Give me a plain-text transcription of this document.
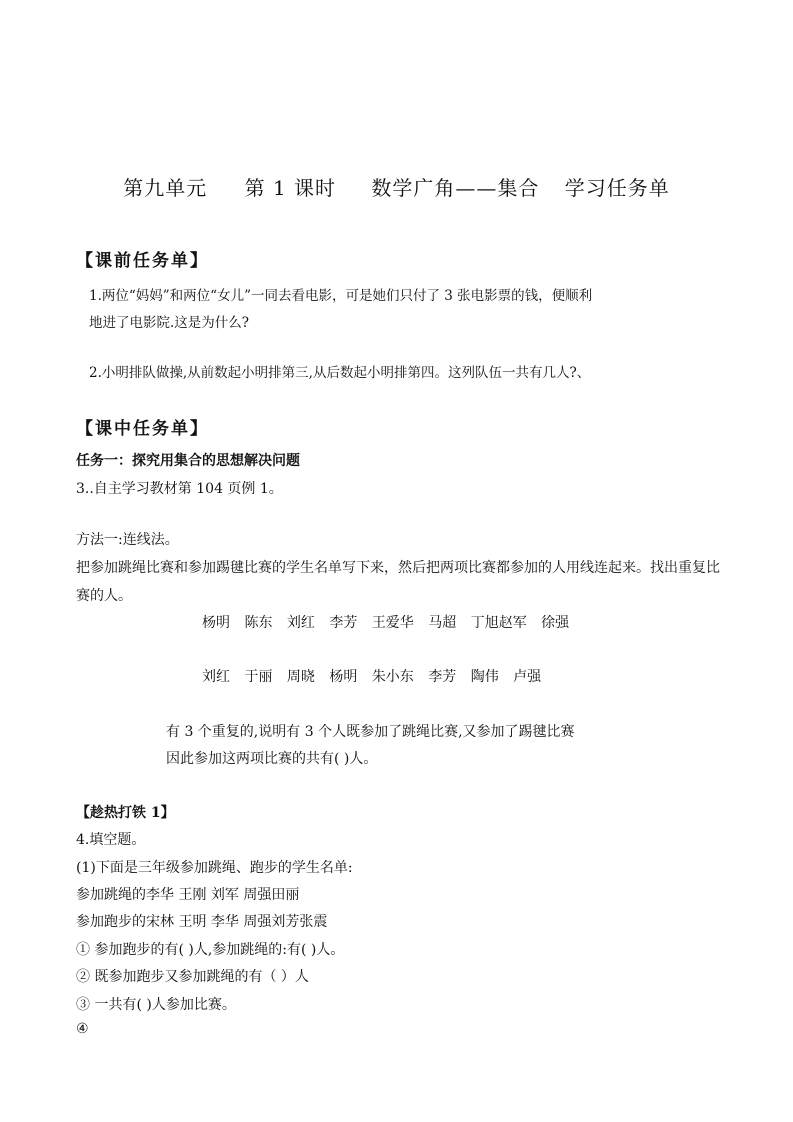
第九单元 第 1 课时 数学广角——集合 学习任务单
【课前任务单】
1.两位“妈妈”和两位“女儿”一同去看电影，可是她们只付了 3 张电影票的钱，便顺利
地进了电影院.这是为什么?
2.小明排队做操,从前数起小明排第三,从后数起小明排第四。这列队伍一共有几人?、
【课中任务单】
任务一：探究用集合的思想解决问题
3..自主学习教材第 104 页例 1。
方法一:连线法。
把参加跳绳比赛和参加踢毽比赛的学生名单写下来，然后把两项比赛都参加的人用线连起来。找出重复比
赛的人。
杨明 陈东 刘红 李芳 王爱华 马超 丁旭赵军 徐强
刘红 于丽 周晓 杨明 朱小东 李芳 陶伟 卢强
有 3 个重复的,说明有 3 个人既参加了跳绳比赛,又参加了踢毽比赛
因此参加这两项比赛的共有( )人。
【趁热打铁 1】
4.填空题。
(1)下面是三年级参加跳绳、跑步的学生名单:
参加跳绳的李华 王刚 刘军 周强田丽
参加跑步的宋林 王明 李华 周强刘芳张震
① 参加跑步的有( )人,参加跳绳的:有( )人。
② 既参加跑步又参加跳绳的有（ ）人
③ 一共有( )人参加比赛。
④
